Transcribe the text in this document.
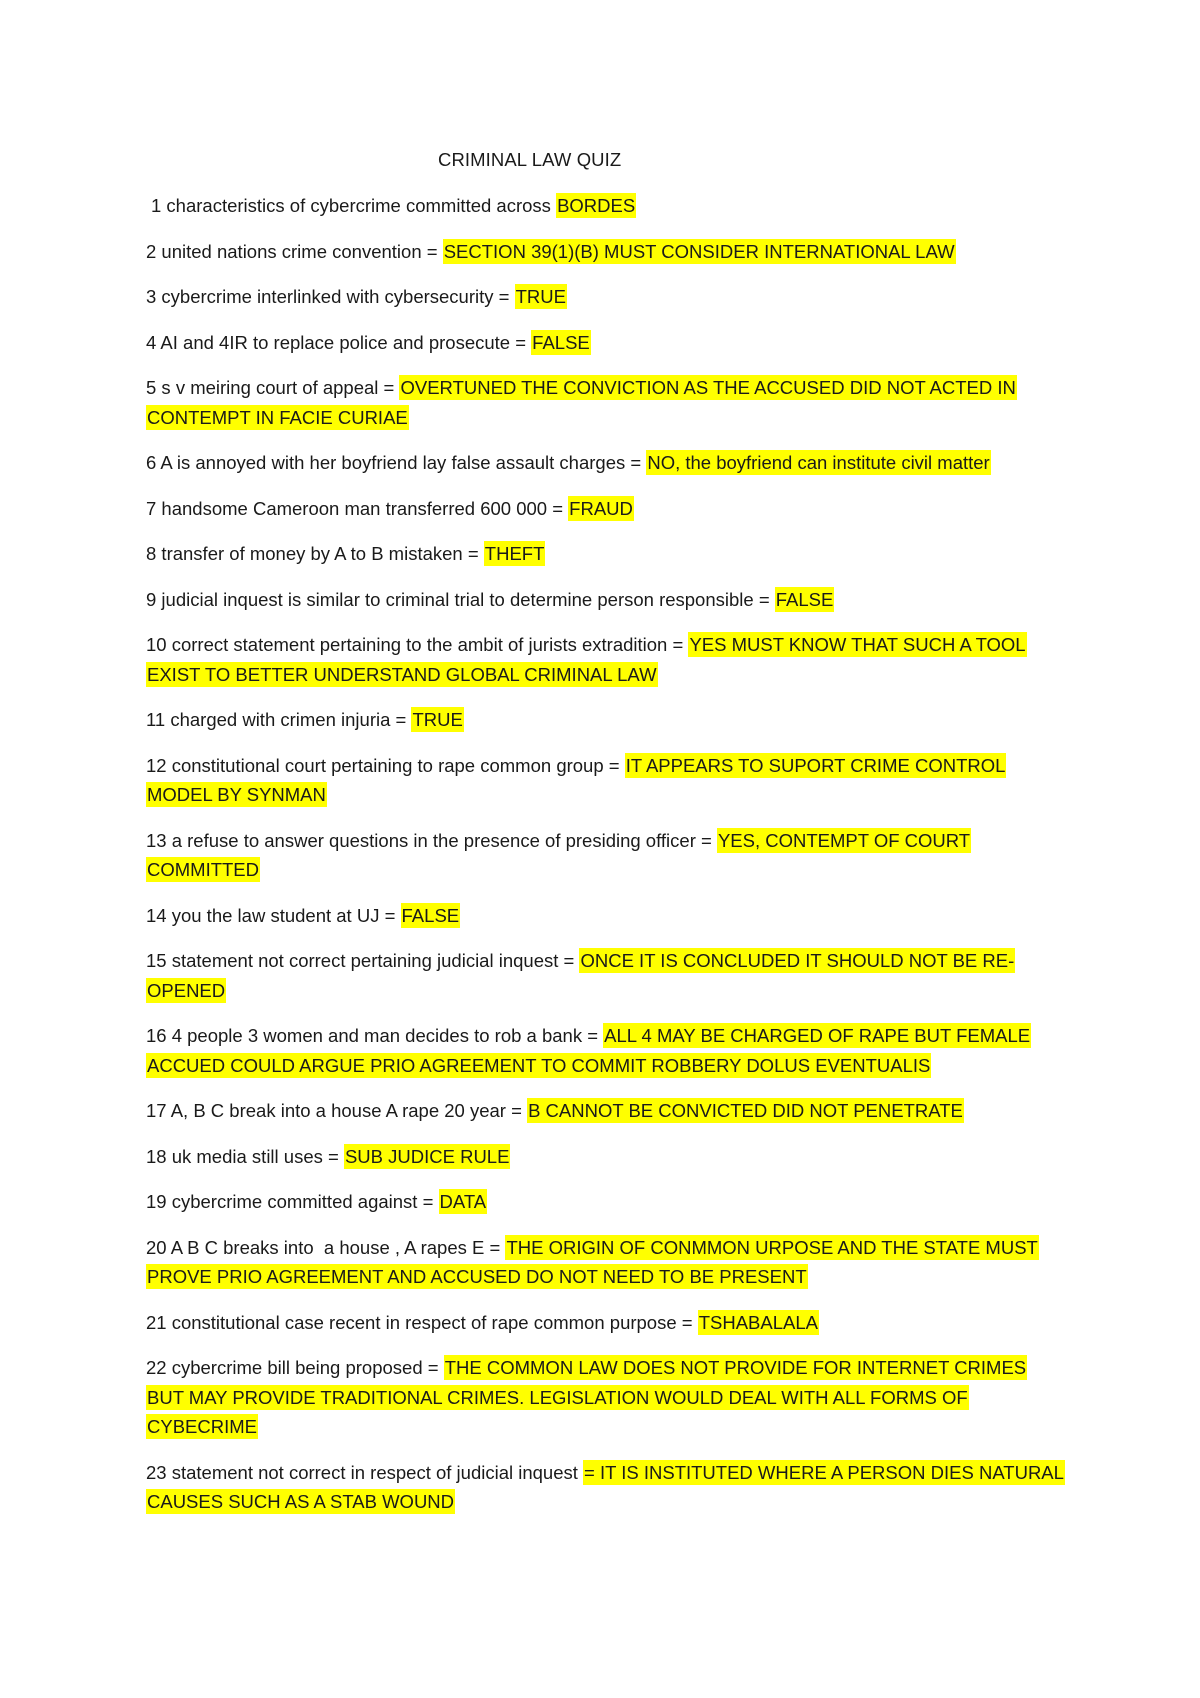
CRIMINAL LAW QUIZ

1 characteristics of cybercrime committed across BORDES

2 united nations crime convention = SECTION 39(1)(B) MUST CONSIDER INTERNATIONAL LAW

3 cybercrime interlinked with cybersecurity = TRUE

4 AI and 4IR to replace police and prosecute = FALSE

5 s v meiring court of appeal = OVERTUNED THE CONVICTION AS THE ACCUSED DID NOT ACTED IN CONTEMPT IN FACIE CURIAE

6 A is annoyed with her boyfriend lay false assault charges = NO, the boyfriend can institute civil matter

7 handsome Cameroon man transferred 600 000 = FRAUD

8 transfer of money by A to B mistaken = THEFT

9 judicial inquest is similar to criminal trial to determine person responsible = FALSE

10 correct statement pertaining to the ambit of jurists extradition = YES MUST KNOW THAT SUCH A TOOL EXIST TO BETTER UNDERSTAND GLOBAL CRIMINAL LAW

11 charged with crimen injuria = TRUE

12 constitutional court pertaining to rape common group = IT APPEARS TO SUPORT CRIME CONTROL MODEL BY SYNMAN

13 a refuse to answer questions in the presence of presiding officer = YES, CONTEMPT OF COURT COMMITTED

14 you the law student at UJ = FALSE

15 statement not correct pertaining judicial inquest = ONCE IT IS CONCLUDED IT SHOULD NOT BE RE-OPENED

16 4 people 3 women and man decides to rob a bank = ALL 4 MAY BE CHARGED OF RAPE BUT FEMALE ACCUED COULD ARGUE PRIO AGREEMENT TO COMMIT ROBBERY DOLUS EVENTUALIS

17 A, B C break into a house A rape 20 year = B CANNOT BE CONVICTED DID NOT PENETRATE

18 uk media still uses = SUB JUDICE RULE

19 cybercrime committed against = DATA

20 A B C breaks into  a house , A rapes E = THE ORIGIN OF CONMMON URPOSE AND THE STATE MUST PROVE PRIO AGREEMENT AND ACCUSED DO NOT NEED TO BE PRESENT

21 constitutional case recent in respect of rape common purpose = TSHABALALA

22 cybercrime bill being proposed = THE COMMON LAW DOES NOT PROVIDE FOR INTERNET CRIMES BUT MAY PROVIDE TRADITIONAL CRIMES. LEGISLATION WOULD DEAL WITH ALL FORMS OF CYBECRIME

23 statement not correct in respect of judicial inquest = IT IS INSTITUTED WHERE A PERSON DIES NATURAL CAUSES SUCH AS A STAB WOUND
